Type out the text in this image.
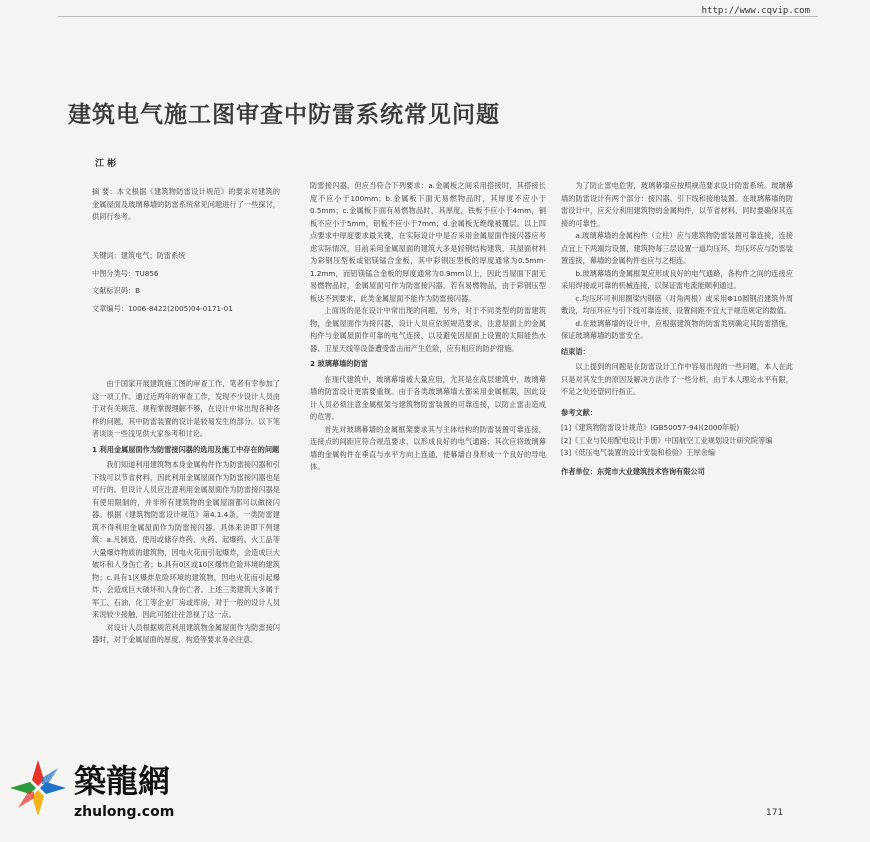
http://www.cqvip.com
建筑电气施工图审查中防雷系统常见问题
江 彬

摘 要：本文根据《建筑物防雷设计规范》的要求对建筑的金属屋面及玻璃幕墙的防雷系统常见问题进行了一些探讨，供同行参考。

关键词：建筑电气；防雷系统
中图分类号：TU856
文献标识码：B
文章编号：1006-8422(2005)04-0171-01

由于国家开展建筑施工图的审查工作，笔者有幸参加了这一项工作。通过近两年的审查工作，发现不少设计人员由于对有关规范、规程掌握理解不够，在设计中常出现各种各样的问题，其中防雷装置的设计是较易发生的部分。以下笔者谈谈一些浅见供大家参考和讨论。

1 利用金属屋面作为防雷接闪器的选用及施工中存在的问题

我们知道利用建筑物本身金属构件作为防雷接闪器和引下线可以节省材料，因此利用金属屋面作为防雷接闪器也是可行的。但设计人员应注意利用金属屋面作为防雷接闪器是有使用限制的，并非所有建筑物的金属屋面都可以做接闪器。根据《建筑物防雷设计规范》第4.1.4条，一类防雷建筑不得利用金属屋面作为防雷接闪器。具体来讲即下列建筑：a.凡制造、使用或储存炸药、火药、起爆药、火工品等大量爆炸物质的建筑物，因电火花而引起爆炸，会造成巨大破坏和人身伤亡者；b.具有0区或10区爆炸危险环境的建筑物；c.具有1区爆炸危险环境的建筑物，因电火花而引起爆炸，会造成巨大破坏和人身伤亡者。上述三类建筑大多属于军工、石油、化工等企业厂房或库房，对于一般的设计人员来说较少接触，因此可能往往忽视了这一点。

对设计人员根据规范利用建筑物金属屋面作为防雷接闪器时，对于金属屋面的厚度、构造等要求务必注意。

防雷接闪器，但应当符合下列要求：a.金属板之间采用搭接时，其搭接长度不应小于100mm；b.金属板下面无易燃物品时，其厚度不应小于0.5mm；c.金属板下面有易燃物品时，其厚度，铁板不应小于4mm，铜板不应小于5mm，铝板不应小于7mm；d.金属板无绝缘被覆层。以上四点要求中厚度要求最关键，在实际设计中是否采用金属屋面作接闪器应考虑实际情况，目前采用金属屋面的建筑大多是轻钢结构建筑，其屋面材料为彩钢压型板或铝镁锰合金板，其中彩钢压型板的厚度通常为0.5mm-1.2mm，而铝镁锰合金板的厚度通常为0.9mm以上，因此当屋面下面无易燃物品时，金属屋面可作为防雷接闪器，若有易燃物品，由于彩钢压型板达不到要求，此类金属屋面不能作为防雷接闪器。

上面说的是在设计中常出现的问题，另外，对于不同类型的防雷建筑物，金属屋面作为接闪器，设计人员应依照规范要求，注意屋面上的金属构件与金属屋面作可靠的电气连接，以及避免因屋面上设置的太阳能热水器、卫星天线等设备遭受雷击而产生危险，应有相应的防护措施。

2 玻璃幕墙的防雷

在现代建筑中，玻璃幕墙被大量应用，尤其是在高层建筑中，玻璃幕墙的防雷设计更需要重视。由于各类玻璃幕墙大都采用金属框架，因此设计人员必须注意金属框架与建筑物防雷装置的可靠连接，以防止雷击造成的危害。

首先对玻璃幕墙的金属框架要求其与主体结构的防雷装置可靠连接，连接点的间距应符合规范要求，以形成良好的电气通路；其次应将玻璃幕墙的金属构件在垂直与水平方向上连通，使幕墙自身形成一个良好的导电体。

为了防止雷电危害，玻璃幕墙应按照规范要求设计防雷系统。玻璃幕墙的防雷设计有两个部分：接闪器、引下线和接地装置。在玻璃幕墙的防雷设计中，应充分利用建筑物的金属构件，以节省材料，同时要确保其连接的可靠性。

a.玻璃幕墙的金属构件（立柱）应与建筑物防雷装置可靠连接，连接点宜上下两端均设置，建筑物每三层设置一道均压环，均压环应与防雷装置连接，幕墙的金属构件也应与之相连。

b.玻璃幕墙的金属框架应形成良好的电气通路，各构件之间的连接应采用焊接或可靠的机械连接，以保证雷电流能顺利通过。

c.均压环可利用圈梁内钢筋（对角两根）或采用Φ10圆钢沿建筑外周敷设，均压环应与引下线可靠连接，设置间距不宜大于规范规定的数值。

d.在玻璃幕墙的设计中，应根据建筑物的防雷类别确定其防雷措施，保证玻璃幕墙的防雷安全。

结束语：

以上提到的问题是在防雷设计工作中容易出现的一些问题，本人在此只是对其发生的原因及解决方法作了一些分析，由于本人理论水平有限，不足之处还望同行指正。

参考文献：

[1]《建筑物防雷设计规范》(GB50057-94)(2000年版)

[2]《工业与民用配电设计手册》中国航空工业规划设计研究院等编

[3]《低压电气装置的设计安装和检验》王厚余编

作者单位：东莞市大业建筑技术咨询有限公司

築龍網
zhulong.com	171
